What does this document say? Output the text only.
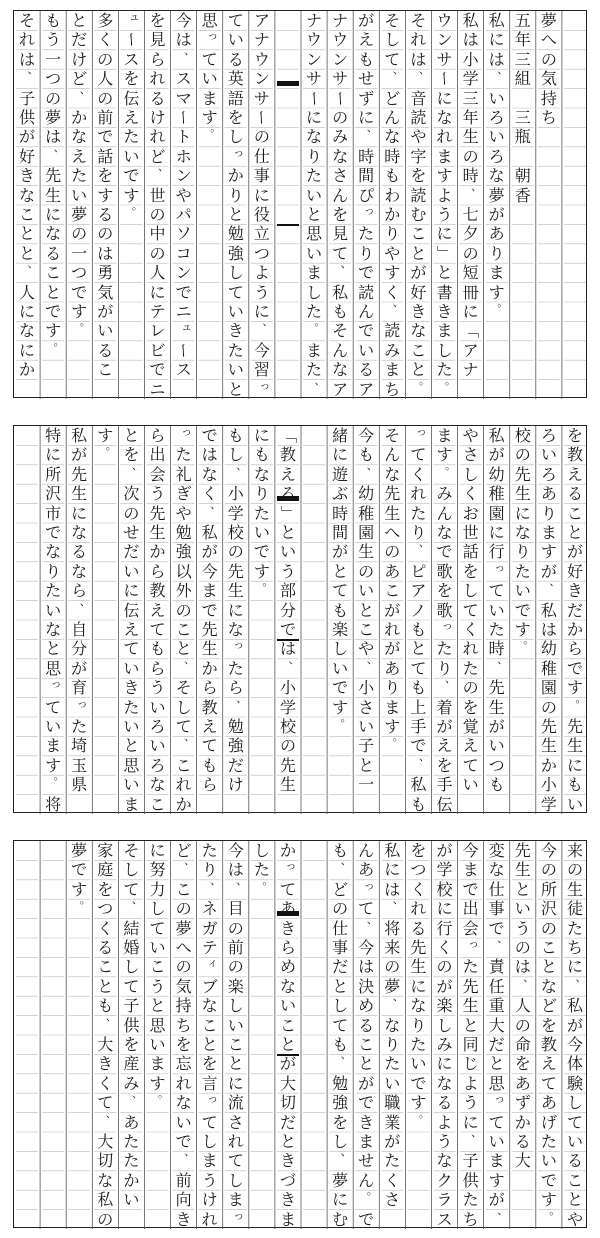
夢
へ
の
気
持
ち
五
年
三
組

三
瓶

朝
香
私
に
は
、
い
ろ
い
ろ
な
夢
が
あ
り
ま
す
。
私
は
小
学
三
年
生
の
時
、
七
夕
の
短
冊
に
「
ア
ナ
ウ
ン
サ
ー
に
な
れ
ま
す
よ
う
に
」
と
書
き
ま
し
た
。
そ
れ
は
、
音
読
や
字
を
読
む
こ
と
が
好
き
な
こ
と
。
そ
し
て
、
ど
ん
な
時
も
わ
か
り
や
す
く
、
読
み
ま
ち
が
え
も
せ
ず
に
、
時
間
ぴ
っ
た
り
で
読
ん
で
い
る
ア
ナ
ウ
ン
サ
ー
の
み
な
さ
ん
を
見
て
、
私
も
そ
ん
な
ア
ナ
ウ
ン
サ
ー
に
な
り
た
い
と
思
い
ま
し
た
。
ま
た
、
ア
ナ
ウ
ン
サ
ー
の
仕
事
に
役
立
つ
よ
う
に
、
今
習
っ
て
い
る
英
語
を
し
っ
か
り
と
勉
強
し
て
い
き
た
い
と
思
っ
て
い
ま
す
。
今
は
、
ス
マ
ー
ト
ホ
ン
や
パ
ソ
コ
ン
で
ニ
ュ
ー
ス
を
見
ら
れ
る
け
れ
ど
、
世
の
中
の
人
に
テ
レ
ビ
で
ニ
ュ
ー
ス
を
伝
え
た
い
で
す
。
多
く
の
人
の
前
で
話
を
す
る
の
は
勇
気
が
い
る
こ
と
だ
け
ど
、
か
な
え
た
い
夢
の
一
つ
で
す
。
も
う
一
つ
の
夢
は
、
先
生
に
な
る
こ
と
で
す
。
そ
れ
は
、
子
供
が
好
き
な
こ
と
と
、
人
に
な
に
か
を
教
え
る
こ
と
が
好
き
だ
か
ら
で
す
。
先
生
に
も
い
ろ
い
ろ
あ
り
ま
す
が
、
私
は
幼
稚
園
の
先
生
か
小
学
校
の
先
生
に
な
り
た
い
で
す
。
私
が
幼
稚
園
に
行
っ
て
い
た
時
、
先
生
が
い
つ
も
や
さ
し
く
お
世
話
を
し
て
く
れ
た
の
を
覚
え
て
い
ま
す
。
み
ん
な
で
歌
を
歌
っ
た
り
、
着
が
え
を
手
伝
っ
て
く
れ
た
り
、
ピ
ア
ノ
も
と
て
も
上
手
で
、
私
も
そ
ん
な
先
生
へ
の
あ
こ
が
れ
が
あ
り
ま
す
。
今
も
、
幼
稚
園
生
の
い
と
こ
や
、
小
さ
い
子
と
一
緒
に
遊
ぶ
時
間
が
と
て
も
楽
し
い
で
す
。
「
教
え
る
」
と
い
う
部
分
で
は
、
小
学
校
の
先
生
に
も
な
り
た
い
で
す
。
も
し
、
小
学
校
の
先
生
に
な
っ
た
ら
、
勉
強
だ
け
で
は
な
く
、
私
が
今
ま
で
先
生
か
ら
教
え
て
も
ら
っ
た
礼
ぎ
や
勉
強
以
外
の
こ
と
、
そ
し
て
、
こ
れ
か
ら
出
会
う
先
生
か
ら
教
え
て
も
ら
う
い
ろ
い
ろ
な
こ
と
を
、
次
の
せ
だ
い
に
伝
え
て
い
き
た
い
と
思
い
ま
す
。
私
が
先
生
に
な
る
な
ら
、
自
分
が
育
っ
た
埼
玉
県
特
に
所
沢
市
で
な
り
た
い
な
と
思
っ
て
い
ま
す
。
将
来
の
生
徒
た
ち
に
、
私
が
今
体
験
し
て
い
る
こ
と
や
今
の
所
沢
の
こ
と
な
ど
を
教
え
て
あ
げ
た
い
で
す
。
先
生
と
い
う
の
は
、
人
の
命
を
あ
ず
か
る
大
変
な
仕
事
で
、
責
任
重
大
だ
と
思
っ
て
い
ま
す
が
、
今
ま
で
出
会
っ
た
先
生
と
同
じ
よ
う
に
、
子
供
た
ち
が
学
校
に
行
く
の
が
楽
し
み
に
な
る
よ
う
な
ク
ラ
ス
を
つ
く
れ
る
先
生
に
な
り
た
い
で
す
。
私
に
は
、
将
来
の
夢
、
な
り
た
い
職
業
が
た
く
さ
ん
あ
っ
て
、
今
は
決
め
る
こ
と
が
で
き
ま
せ
ん
。
で
も
、
ど
の
仕
事
だ
と
し
て
も
、
勉
強
を
し
、
夢
に
む
か
っ
て
あ
き
ら
め
な
い
こ
と
が
大
切
だ
と
き
づ
き
ま
し
た
。
今
は
、
目
の
前
の
楽
し
い
こ
と
に
流
さ
れ
て
し
ま
っ
た
り
、
ネ
ガ
テ
ィ
ブ
な
こ
と
を
言
っ
て
し
ま
う
け
れ
ど
、
こ
の
夢
へ
の
気
持
ち
を
忘
れ
な
い
で
、
前
向
き
に
努
力
し
て
い
こ
う
と
思
い
ま
す
。
そ
し
て
、
結
婚
し
て
子
供
を
産
み
、
あ
た
た
か
い
家
庭
を
つ
く
る
こ
と
も
、
大
き
く
て
、
大
切
な
私
の
夢
で
す
。
